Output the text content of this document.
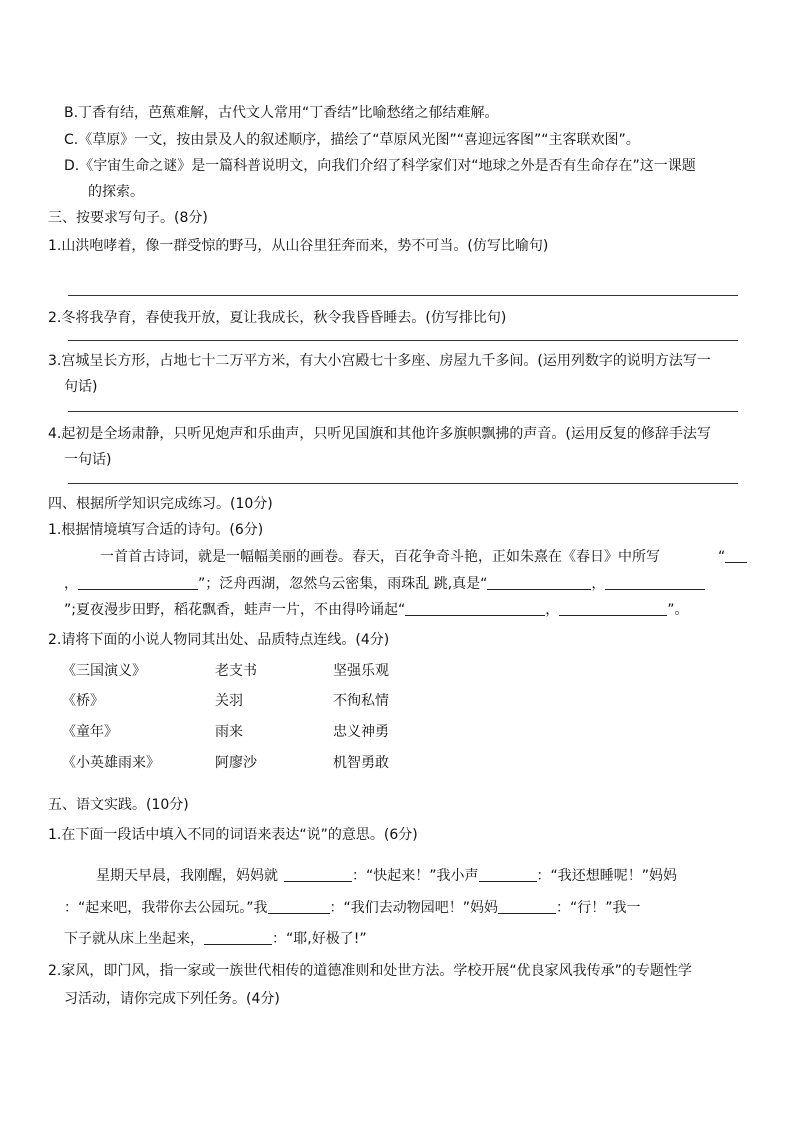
B.丁香有结，芭蕉难解，古代文人常用“丁香结”比喻愁绪之郁结难解。
C.《草原》一文，按由景及人的叙述顺序，描绘了“草原风光图”“喜迎远客图”“主客联欢图”。
D.《宇宙生命之谜》是一篇科普说明文，向我们介绍了科学家们对“地球之外是否有生命存在”这一课题
的探索。
三、按要求写句子。(8分)
1.山洪咆哮着，像一群受惊的野马，从山谷里狂奔而来，势不可当。(仿写比喻句)
2.冬将我孕育，春使我开放，夏让我成长，秋令我昏昏睡去。(仿写排比句)
3.宫城呈长方形，占地七十二万平方米，有大小宫殿七十多座、房屋九千多间。(运用列数字的说明方法写一
句话)
4.起初是全场肃静，只听见炮声和乐曲声，只听见国旗和其他许多旗帜飘拂的声音。(运用反复的修辞手法写
一句话)
四、根据所学知识完成练习。(10分)
1.根据情境填写合适的诗句。(6分)
一首首古诗词，就是一幅幅美丽的画卷。春天，百花争奇斗艳，正如朱熹在《春日》中所写	“
，	”；泛舟西湖，忽然乌云密集，雨珠乱 跳,真是“	，
”;夏夜漫步田野，稻花飘香，蛙声一片，不由得吟诵起“	，	”。
2.请将下面的小说人物同其出处、品质特点连线。(4分)
《三国演义》	老支书	坚强乐观
《桥》	关羽	不徇私情
《童年》	雨来	忠义神勇
《小英雄雨来》	阿廖沙	机智勇敢
五、语文实践。(10分)
1.在下面一段话中填入不同的词语来表达“说”的意思。(6分)
星期天早晨，我刚醒，妈妈就	：“快起来！”我小声	：“我还想睡呢！”妈妈
：“起来吧，我带你去公园玩。”我	：“我们去动物园吧！”妈妈	：“行！”我一
下子就从床上坐起来，	：“耶,好极了!”
2.家风，即门风，指一家或一族世代相传的道德准则和处世方法。学校开展“优良家风我传承”的专题性学
习活动，请你完成下列任务。(4分)
